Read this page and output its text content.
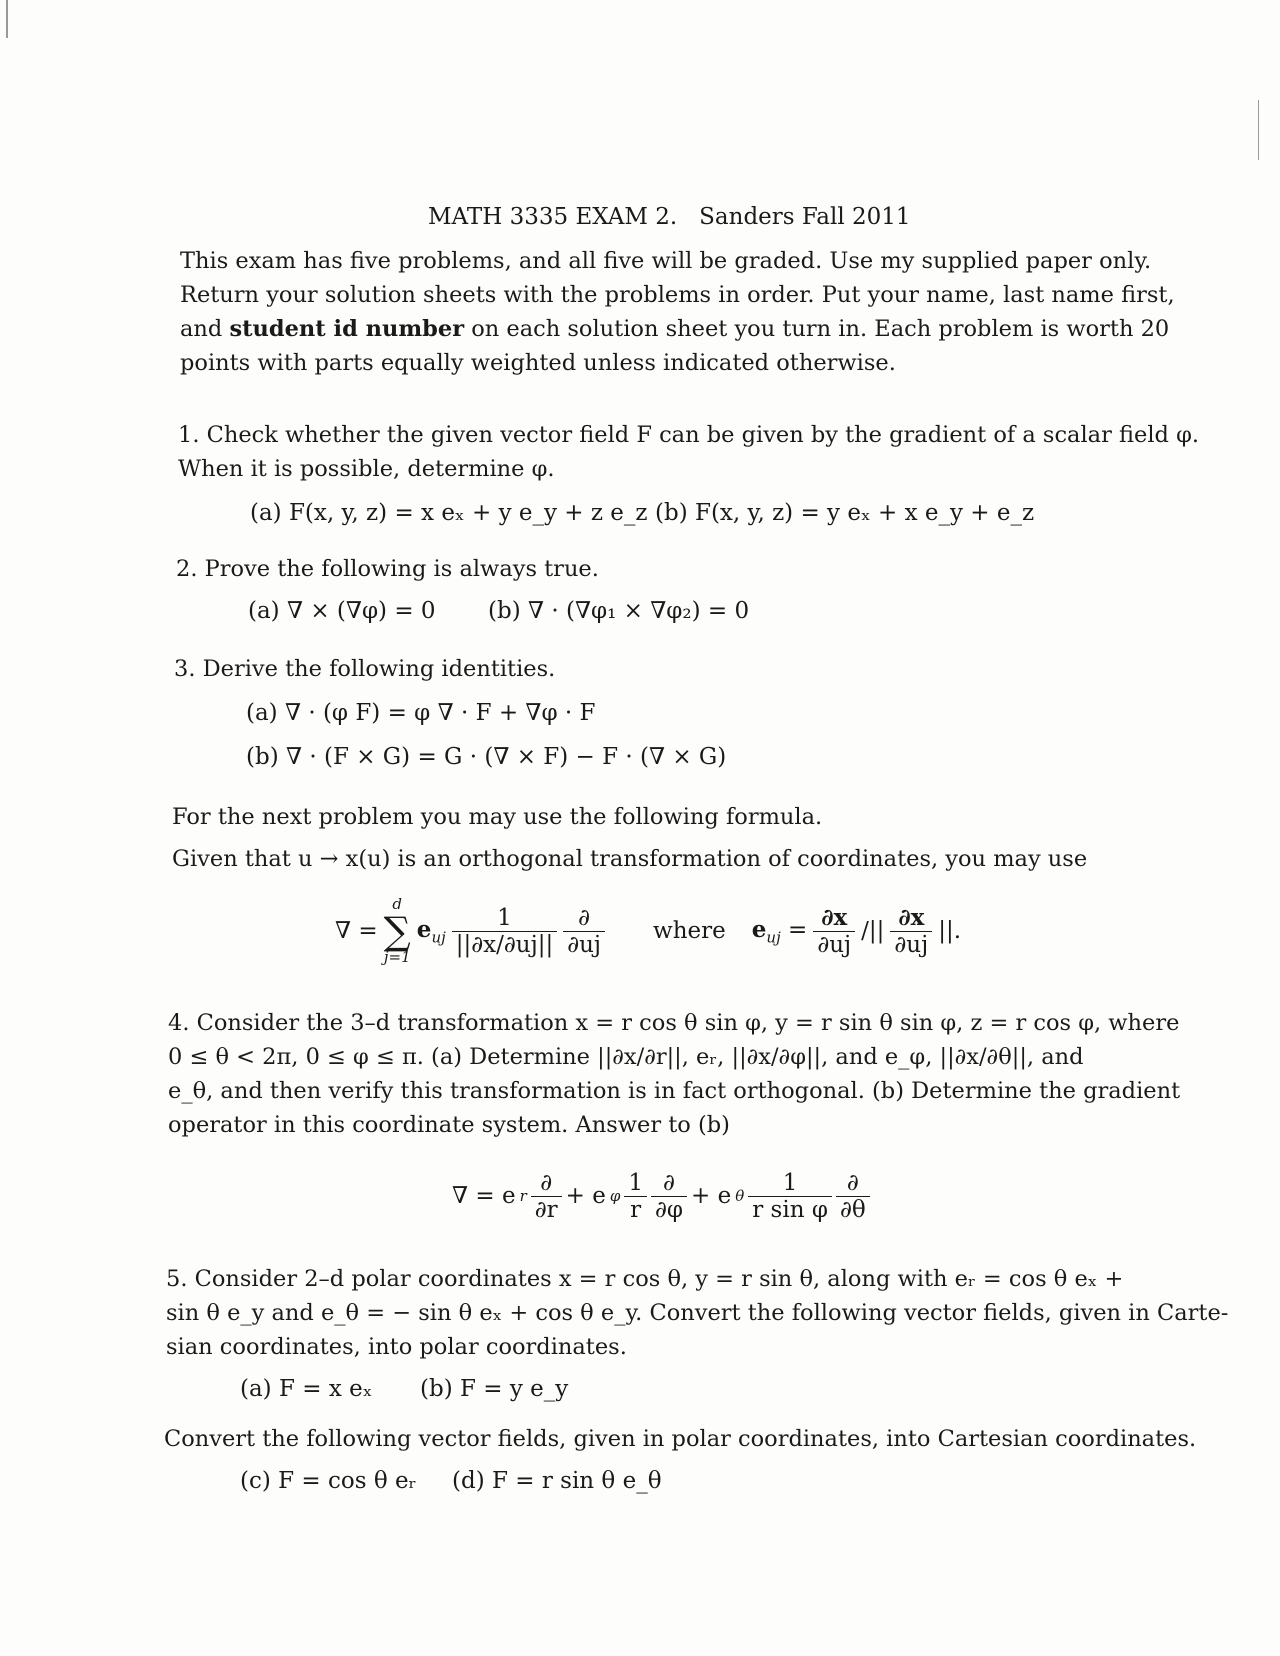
MATH 3335 EXAM 2. Sanders Fall 2011
This exam has five problems, and all five will be graded. Use my supplied paper only.
Return your solution sheets with the problems in order. Put your name, last name first,
and student id number on each solution sheet you turn in. Each problem is worth 20
points with parts equally weighted unless indicated otherwise.
1. Check whether the given vector field F can be given by the gradient of a scalar field φ.
When it is possible, determine φ.
(a) F(x, y, z) = x eₓ + y e_y + z e_z (b) F(x, y, z) = y eₓ + x e_y + e_z
2. Prove the following is always true.
(a) ∇ × (∇φ) = 0 (b) ∇ · (∇φ₁ × ∇φ₂) = 0
3. Derive the following identities.
(a) ∇ · (φ F) = φ ∇ · F + ∇φ · F
(b) ∇ · (F × G) = G · (∇ × F) − F · (∇ × G)
For the next problem you may use the following formula.
Given that u → x(u) is an orthogonal transformation of coordinates, you may use
∇ =
d
∑
j=1
$e_{uj} \frac{1}{||\partial x/\partial uj||} \frac{\partial}{\partial uj}$ where $e_{uj} = \frac{\partial x}{\partial uj}$ /|| $\frac{\partial x}{\partial uj}$ ||.
4. Consider the 3–d transformation x = r cos θ sin φ, y = r sin θ sin φ, z = r cos φ, where
0 ≤ θ < 2π, 0 ≤ φ ≤ π. (a) Determine ||∂x/∂r||, eᵣ, ||∂x/∂φ||, and e_φ, ||∂x/∂θ||, and
e_θ, and then verify this transformation is in fact orthogonal. (b) Determine the gradient
operator in this coordinate system. Answer to (b)
∇ = e r $\frac{\partial}{\partial r} + e$ φ $\frac{1}{r} \frac{\partial}{\partial\varphi} + e$ θ $\frac{1}{\text{r sin φ}} \frac{\partial}{\partial\theta}$
5. Consider 2–d polar coordinates x = r cos θ, y = r sin θ, along with eᵣ = cos θ eₓ +
sin θ e_y and e_θ = − sin θ eₓ + cos θ e_y. Convert the following vector fields, given in Carte-
sian coordinates, into polar coordinates.
(a) F = x eₓ (b) F = y e_y
Convert the following vector fields, given in polar coordinates, into Cartesian coordinates.
(c) F = cos θ eᵣ (d) F = r sin θ e_θ
